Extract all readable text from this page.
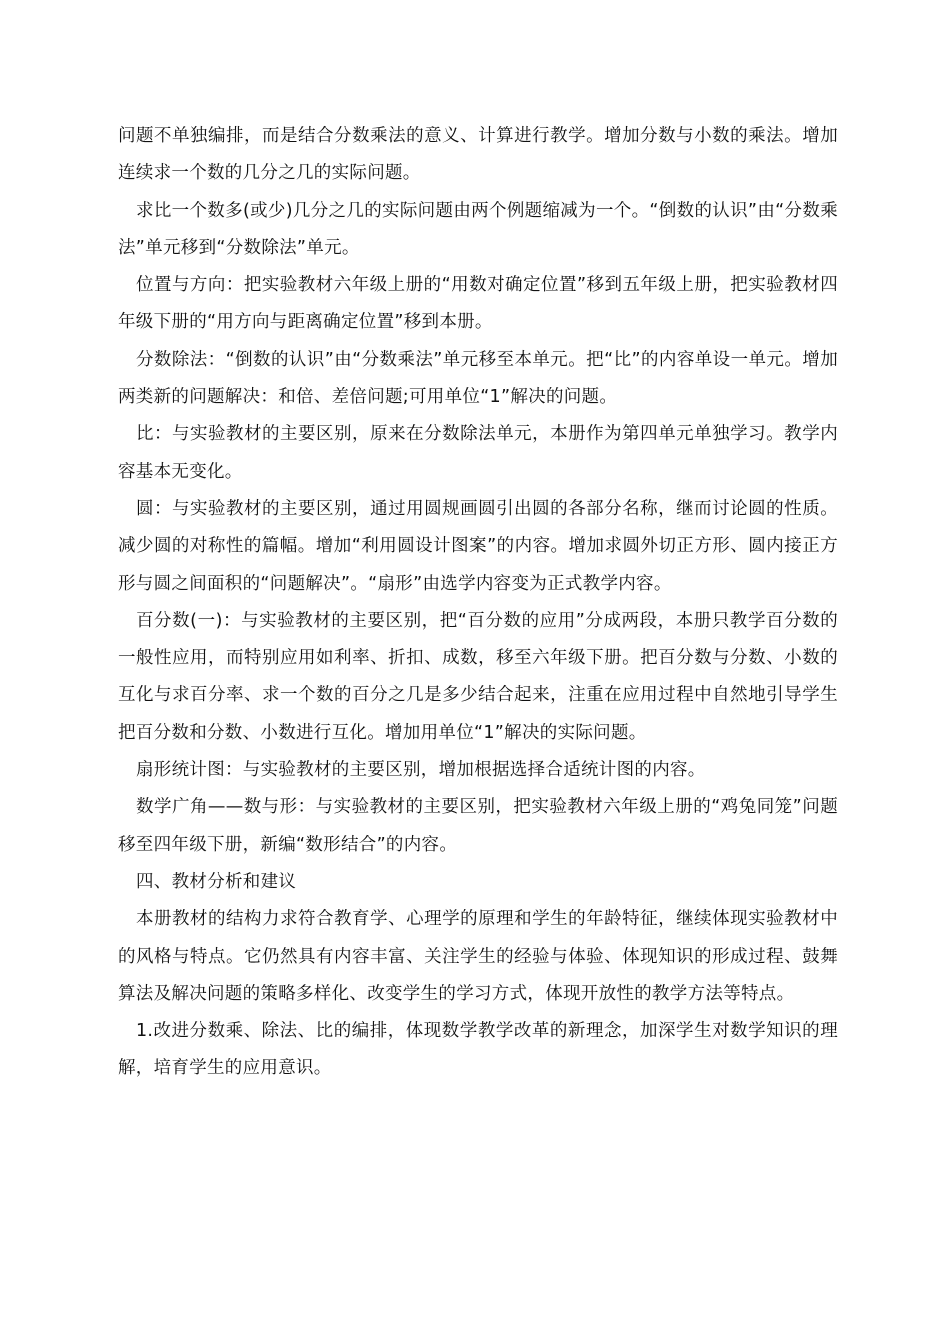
问题不单独编排，而是结合分数乘法的意义、计算进行教学。增加分数与小数的乘法。增加连续求一个数的几分之几的实际问题。

求比一个数多(或少)几分之几的实际问题由两个例题缩减为一个。“倒数的认识”由“分数乘法”单元移到“分数除法”单元。

位置与方向：把实验教材六年级上册的“用数对确定位置”移到五年级上册，把实验教材四年级下册的“用方向与距离确定位置”移到本册。

分数除法：“倒数的认识”由“分数乘法”单元移至本单元。把“比”的内容单设一单元。增加两类新的问题解决：和倍、差倍问题;可用单位“1”解决的问题。

比：与实验教材的主要区别，原来在分数除法单元，本册作为第四单元单独学习。教学内容基本无变化。

圆：与实验教材的主要区别，通过用圆规画圆引出圆的各部分名称，继而讨论圆的性质。减少圆的对称性的篇幅。增加“利用圆设计图案”的内容。增加求圆外切正方形、圆内接正方形与圆之间面积的“问题解决”。“扇形”由选学内容变为正式教学内容。

百分数(一)：与实验教材的主要区别，把“百分数的应用”分成两段，本册只教学百分数的一般性应用，而特别应用如利率、折扣、成数，移至六年级下册。把百分数与分数、小数的互化与求百分率、求一个数的百分之几是多少结合起来，注重在应用过程中自然地引导学生把百分数和分数、小数进行互化。增加用单位“1”解决的实际问题。

扇形统计图：与实验教材的主要区别，增加根据选择合适统计图的内容。

数学广角——数与形：与实验教材的主要区别，把实验教材六年级上册的“鸡兔同笼”问题移至四年级下册，新编“数形结合”的内容。

四、教材分析和建议

本册教材的结构力求符合教育学、心理学的原理和学生的年龄特征，继续体现实验教材中的风格与特点。它仍然具有内容丰富、关注学生的经验与体验、体现知识的形成过程、鼓舞算法及解决问题的策略多样化、改变学生的学习方式，体现开放性的教学方法等特点。

1.改进分数乘、除法、比的编排，体现数学教学改革的新理念，加深学生对数学知识的理解，培育学生的应用意识。
